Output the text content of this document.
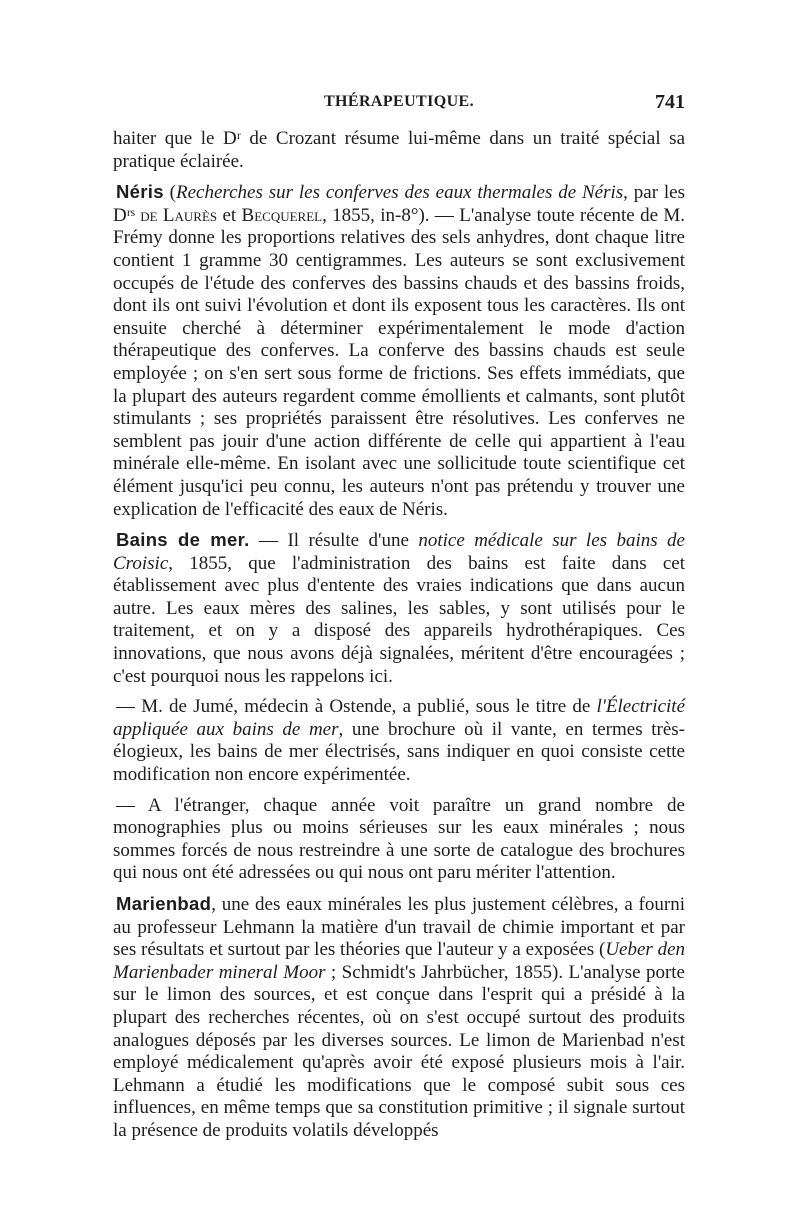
THÉRAPEUTIQUE.	741

haiter que le Dʳ de Crozant résume lui-même dans un traité spécial sa pratique éclairée.

Néris (Recherches sur les conferves des eaux thermales de Néris, par les Dʳˢ de Laurès et Becquerel, 1855, in-8°). — L'analyse toute récente de M. Frémy donne les proportions relatives des sels anhydres, dont chaque litre contient 1 gramme 30 centigrammes. Les auteurs se sont exclusivement occupés de l'étude des conferves des bassins chauds et des bassins froids, dont ils ont suivi l'évolution et dont ils exposent tous les caractères. Ils ont ensuite cherché à déterminer expérimentalement le mode d'action thérapeutique des conferves. La conferve des bassins chauds est seule employée ; on s'en sert sous forme de frictions. Ses effets immédiats, que la plupart des auteurs regardent comme émollients et calmants, sont plutôt stimulants ; ses propriétés paraissent être résolutives. Les conferves ne semblent pas jouir d'une action différente de celle qui appartient à l'eau minérale elle-même. En isolant avec une sollicitude toute scientifique cet élément jusqu'ici peu connu, les auteurs n'ont pas prétendu y trouver une explication de l'efficacité des eaux de Néris.

Bains de mer. — Il résulte d'une notice médicale sur les bains de Croisic, 1855, que l'administration des bains est faite dans cet établissement avec plus d'entente des vraies indications que dans aucun autre. Les eaux mères des salines, les sables, y sont utilisés pour le traitement, et on y a disposé des appareils hydrothérapiques. Ces innovations, que nous avons déjà signalées, méritent d'être encouragées ; c'est pourquoi nous les rappelons ici.

— M. de Jumé, médecin à Ostende, a publié, sous le titre de l'Électricité appliquée aux bains de mer, une brochure où il vante, en termes très-élogieux, les bains de mer électrisés, sans indiquer en quoi consiste cette modification non encore expérimentée.

— A l'étranger, chaque année voit paraître un grand nombre de monographies plus ou moins sérieuses sur les eaux minérales ; nous sommes forcés de nous restreindre à une sorte de catalogue des brochures qui nous ont été adressées ou qui nous ont paru mériter l'attention.

Marienbad, une des eaux minérales les plus justement célèbres, a fourni au professeur Lehmann la matière d'un travail de chimie important et par ses résultats et surtout par les théories que l'auteur y a exposées (Ueber den Marienbader mineral Moor ; Schmidt's Jahrbücher, 1855). L'analyse porte sur le limon des sources, et est conçue dans l'esprit qui a présidé à la plupart des recherches récentes, où on s'est occupé surtout des produits analogues déposés par les diverses sources. Le limon de Marienbad n'est employé médicalement qu'après avoir été exposé plusieurs mois à l'air. Lehmann a étudié les modifications que le composé subit sous ces influences, en même temps que sa constitution primitive ; il signale surtout la présence de produits volatils développés
